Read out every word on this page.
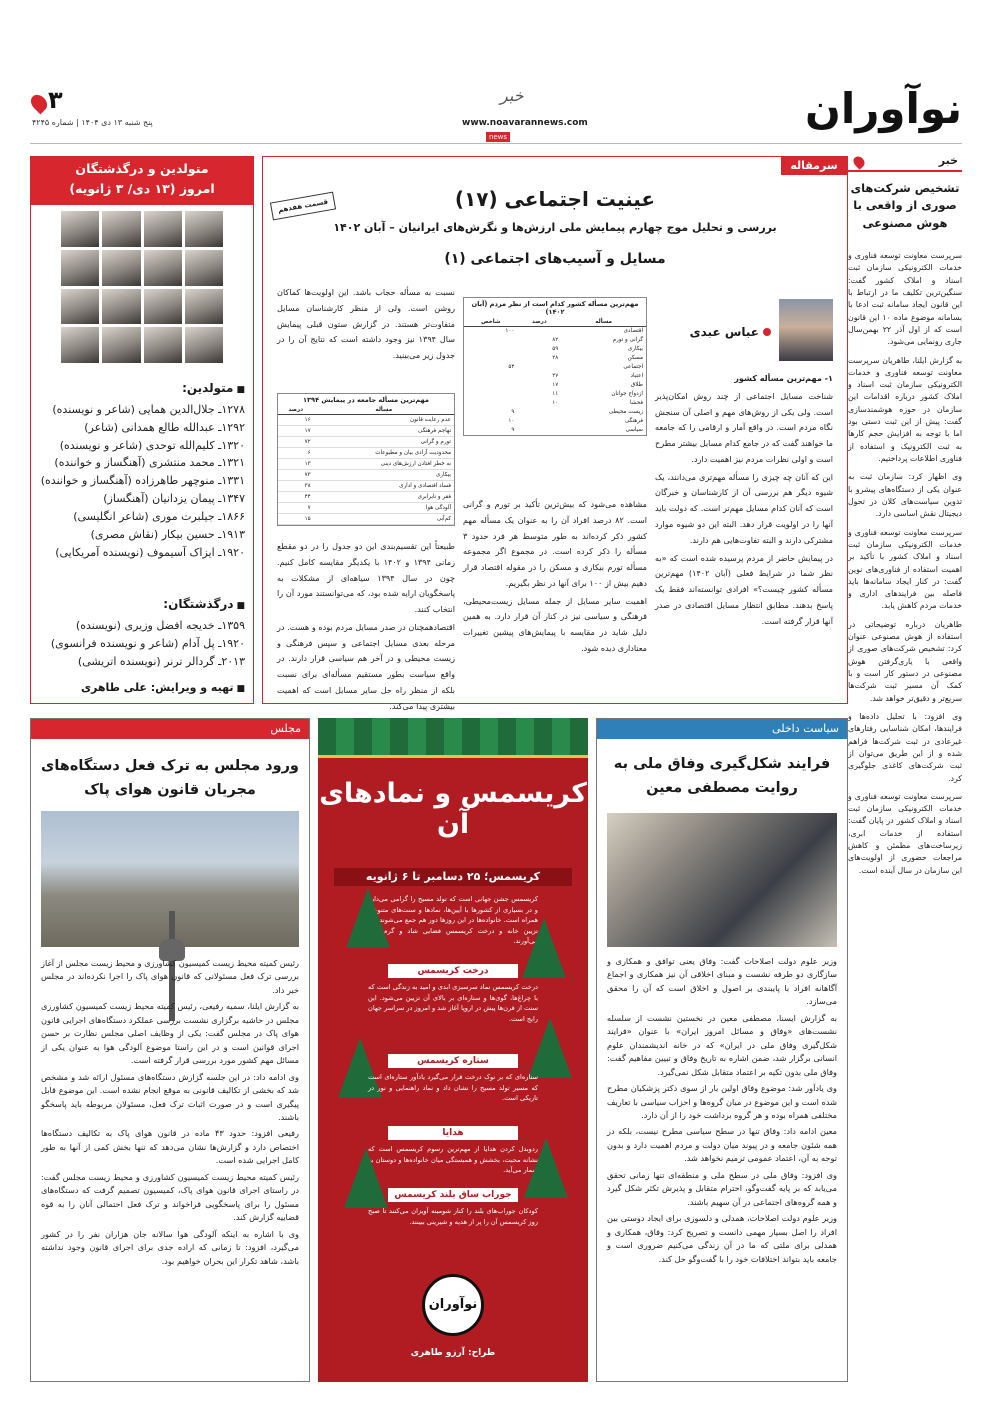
نوآوران
۳
پنج شنبه ۱۳ دی ۱۴۰۴ | شماره ۴۲۴۵
خبر
www.noavarannews.com
news
خبر
تشخیص شرکت‌های صوری از واقعی با هوش مصنوعی

سرپرست معاونت توسعه فناوری و خدمات الکترونیکی سازمان ثبت اسناد و املاک کشور گفت: سنگین‌ترین تکلیف ما در ارتباط با این قانون ایجاد سامانه ثبت ادعا با بسامانه موضوع ماده ۱۰ این قانون است که از اول آذر ۲۲ بهمن‌سال جاری رونمایی می‌شود.

به گزارش ایلنا، طاهریان سرپرست معاونت توسعه فناوری و خدمات الکترونیکی سازمان ثبت اسناد و املاک کشور درباره اقدامات این سازمان در حوزه هوشمندسازی گفت: پیش از این ثبت دستی بود اما با توجه به افزایش حجم کارها به ثبت الکترونیک و استفاده از فناوری اطلاعات پرداختیم.

وی اظهار کرد: سازمان ثبت به عنوان یکی از دستگاه‌های پیشرو با تدوین سیاست‌های کلان در تحول دیجیتال نقش اساسی دارد.

سرپرست معاونت توسعه فناوری و خدمات الکترونیکی سازمان ثبت اسناد و املاک کشور با تأکید بر اهمیت استفاده از فناوری‌های نوین گفت: در کنار ایجاد سامانه‌ها باید فاصله بین فرایندهای اداری و خدمات مردم کاهش یابد.

طاهریان درباره توضیحاتی در استفاده از هوش مصنوعی عنوان کرد: تشخیص شرکت‌های صوری از واقعی با یاری‌گرفتن هوش مصنوعی در دستور کار است و با کمک آن مسیر ثبت شرکت‌ها سریع‌تر و دقیق‌تر خواهد شد.

وی افزود: با تحلیل داده‌ها و فرایندها، امکان شناسایی رفتارهای غیرعادی در ثبت شرکت‌ها فراهم شده و از این طریق می‌توان از ثبت شرکت‌های کاغذی جلوگیری کرد.

سرپرست معاونت توسعه فناوری و خدمات الکترونیکی سازمان ثبت اسناد و املاک کشور در پایان گفت: استفاده از خدمات ابری، زیرساخت‌های مطمئن و کاهش مراجعات حضوری از اولویت‌های این سازمان در سال آینده است.

سرمقاله
عینیت اجتماعی (۱۷)
قسمت هفدهم
بررسی و تحلیل موج چهارم پیمایش ملی ارزش‌ها و نگرش‌های ایرانیان – آبان ۱۴۰۲
مسایل و آسیب‌های اجتماعی (۱)
عباس عبدی

۱- مهم‌ترین مسأله کشور

شناخت مسایل اجتماعی از چند روش امکان‌پذیر است. ولی یکی از روش‌های مهم و اصلی آن سنجش نگاه مردم است. در واقع آمار و ارقامی را که جامعه ما خواهند گفت که در جامع کدام مسایل بیشتر مطرح است و اولی نظرات مردم نیز اهمیت دارد.

این که آنان چه چیزی را مسأله مهم‌تری می‌دانند، یک شیوه دیگر هم بررسی آن از کارشناسان و خبرگان است که آنان کدام مسایل مهم‌تر است. که دولت باید آنها را در اولویت قرار دهد. البته این دو شیوه موارد مشترکی دارند و البته تفاوت‌هایی هم دارند.

در پیمایش حاضر از مردم پرسیده شده است که «به نظر شما در شرایط فعلی (آبان ۱۴۰۲) مهم‌ترین مسأله کشور چیست؟» افرادی توانسته‌اند فقط یک پاسخ بدهند. مطابق انتظار مسایل اقتصادی در صدر آنها قرار گرفته است.

مهم‌ترین مسأله کشور کدام است از نظر مردم (آبان ۱۴۰۲)
مسأله	درصد	شاخص
اقتصادی		۱۰۰
گرانی و تورم	۸۲	
بیکاری	۵۹	
مسکن	۲۸	
اجتماعی		۵۴
اعتیاد	۲۷	
طلاق	۱۷	
ازدواج جوانان	۱۱	
فحشا	۱۰	
زیست محیطی		۹
فرهنگی		۱۰
سیاسی		۹

مشاهده می‌شود که بیش‌ترین تأکید بر تورم و گرانی است. ۸۲ درصد افراد آن را به عنوان یک مسأله مهم کشور ذکر کرده‌اند به طور متوسط هر فرد حدود ۳ مسأله را ذکر کرده است. در مجموع اگر مجموعه مسأله تورم بیکاری و مسکن را در مقوله اقتصاد قرار دهیم بیش از ۱۰۰ برای آنها در نظر بگیریم.

اهمیت سایر مسایل از جمله مسایل زیست‌محیطی، فرهنگی و سیاسی نیز در کنار آن قرار دارد. به همین دلیل شاید در مقایسه با پیمایش‌های پیشین تغییرات معناداری دیده شود.

نسبت به مسأله حجاب باشد. این اولویت‌ها کماکان روشن است. ولی از منظر کارشناسان مسایل متفاوت‌تر هستند. در گزارش ستون قبلی پیمایش سال ۱۳۹۴ نیز وجود داشته است که نتایج آن را در جدول زیر می‌بینید.

مهم‌ترین مسأله جامعه در پیمایش ۱۳۹۴
مسأله	درصد
عدم رعایت قانون	۱۶
تهاجم فرهنگی	۱۷
تورم و گرانی	۷۲
محدودیت آزادی بیان و مطبوعات	۶
به خطر افتادن ارزش‌های دینی	۱۳
بیکاری	۷۳
فساد اقتصادی و اداری	۳۸
فقر و نابرابری	۴۴
آلودگی هوا	۷
کم‌آبی	۱۵

طبیعتاً این تقسیم‌بندی این دو جدول را در دو مقطع زمانی ۱۳۹۴ و ۱۴۰۲ با یکدیگر مقایسه کامل کنیم. چون در سال ۱۳۹۴ سیاهه‌ای از مشکلات به پاسخگویان ارایه شده بود، که می‌توانستند مورد آن را انتخاب کنند.

اقتصادهمچنان در صدر مسایل مردم بوده و هست. در مرحله بعدی مسایل اجتماعی و سپس فرهنگی و زیست محیطی و در آخر هم سیاسی قرار دارند. در واقع سیاست بطور مستقیم مسأله‌ای برای نسبت بلکه از منظر راه حل سایر مسایل است که اهمیت بیشتری پیدا می‌کند.

متولدین و درگذشتگان
امروز (۱۳ دی/ ۳ ژانویه)
■ متولدین:
۱۲۷۸ـ جلال‌الدین همایی (شاعر و نویسنده)
۱۲۹۲ـ عبدالله طالع همدانی (شاعر)
۱۳۲۰ـ کلیم‌الله توحدی (شاعر و نویسنده)
۱۳۲۱ـ محمد منتشری (آهنگساز و خواننده)
۱۳۳۱ـ منوچهر طاهرزاده (آهنگساز و خواننده)
۱۳۴۷ـ پیمان یزدانیان (آهنگساز)
۱۸۶۶ـ جیلبرت موری (شاعر انگلیسی)
۱۹۱۳ـ حسین بیکار (نقاش مصری)
۱۹۲۰ـ ایزاک آسیموف (نویسنده آمریکایی)
■ درگذشتگان:
۱۳۵۹ـ خدیجه افضل وزیری (نویسنده)
۱۹۲۰ـ پل آدام (شاعر و نویسنده فرانسوی)
۲۰۱۳ـ گردالر ترنر (نویسنده اتریشی)
■ تهیه و ویرایش: علی طاهری
سیاست داخلی
فرایند شکل‌گیری وفاق ملی به روایت مصطفی معین

وزیر علوم دولت اصلاحات گفت: وفاق یعنی توافق و همکاری و سازگاری دو طرفه نشست و مبنای اخلاقی آن نیز همکاری و اجماع آگاهانه افراد با پایبندی بر اصول و اخلاق است که آن را محقق می‌سازد.

به گزارش ایسنا، مصطفی معین در نخستین نشست از سلسله نشست‌های «وفاق و مسائل امروز ایران» با عنوان «فرایند شکل‌گیری وفاق ملی در ایران» که در خانه اندیشمندان علوم انسانی برگزار شد، ضمن اشاره به تاریخ وفاق و تبیین مفاهیم گفت: وفاق ملی بدون تکیه بر اعتماد متقابل شکل نمی‌گیرد.

وی یادآور شد: موضوع وفاق اولین بار از سوی دکتر پزشکیان مطرح شده است و این موضوع در میان گروه‌ها و احزاب سیاسی با تعاریف مختلفی همراه بوده و هر گروه برداشت خود را از آن دارد.

معین ادامه داد: وفاق تنها در سطح سیاسی مطرح نیست، بلکه در همه شئون جامعه و در پیوند میان دولت و مردم اهمیت دارد و بدون توجه به آن، اعتماد عمومی ترمیم نخواهد شد.

وی افزود: وفاق ملی در سطح ملی و منطقه‌ای تنها زمانی تحقق می‌یابد که بر پایه گفت‌وگو، احترام متقابل و پذیرش تکثر شکل گیرد و همه گروه‌های اجتماعی در آن سهیم باشند.

وزیر علوم دولت اصلاحات، همدلی و دلسوزی برای ایجاد دوستی بین افراد را اصل بسیار مهمی دانست و تصریح کرد: وفاق، همکاری و همدلی برای ملتی که ما در آن زندگی می‌کنیم ضروری است و جامعه باید بتواند اختلافات خود را با گفت‌وگو حل کند.

کریسمس و نمادهای آن
کریسمس؛ ۲۵ دسامبر تا ۶ ژانویه

کریسمس جشن جهانی است که تولد مسیح را گرامی می‌دارد و در بسیاری از کشورها با آیین‌ها، نمادها و سنت‌های متنوعی همراه است. خانواده‌ها در این روزها دور هم جمع می‌شوند و با تزیین خانه و درخت کریسمس فضایی شاد و گرم پدید می‌آورند.

درخت کریسمس

درخت کریسمس نماد سرسبزی ابدی و امید به زندگی است که با چراغ‌ها، گوی‌ها و ستاره‌ای بر بالای آن تزیین می‌شود. این سنت از قرن‌ها پیش در اروپا آغاز شد و امروز در سراسر جهان رایج است.

ستاره کریسمس

ستاره‌ای که بر نوک درخت قرار می‌گیرد یادآور ستاره‌ای است که مسیر تولد مسیح را نشان داد و نماد راهنمایی و نور در تاریکی است.

هدایا

ردوبدل کردن هدایا از مهم‌ترین رسوم کریسمس است که نشانه محبت، بخشش و همبستگی میان خانواده‌ها و دوستان به شمار می‌آید.

جوراب ساق بلند کریسمس

کودکان جوراب‌های بلند را کنار شومینه آویزان می‌کنند تا صبح روز کریسمس آن را پر از هدیه و شیرینی ببینند.

نوآوران
طراح: آرزو طاهری
مجلس
ورود مجلس به ترک فعل دستگاه‌های مجریان قانون هوای پاک

رئیس کمیته محیط زیست کمیسیون کشاورزی و محیط زیست مجلس از آغاز بررسی ترک فعل مسئولانی که قانون هوای پاک را اجرا نکرده‌اند در مجلس خبر داد.

به گزارش ایلنا، سمیه رفیعی، رئیس کمیته محیط زیست کمیسیون کشاورزی مجلس در حاشیه برگزاری نشست بررسی عملکرد دستگاه‌های اجرایی قانون هوای پاک در مجلس گفت: یکی از وظایف اصلی مجلس نظارت بر حسن اجرای قوانین است و در این راستا موضوع آلودگی هوا به عنوان یکی از مسائل مهم کشور مورد بررسی قرار گرفته است.

وی ادامه داد: در این جلسه گزارش دستگاه‌های مسئول ارائه شد و مشخص شد که بخشی از تکالیف قانونی به موقع انجام نشده است. این موضوع قابل پیگیری است و در صورت اثبات ترک فعل، مسئولان مربوطه باید پاسخگو باشند.

رفیعی افزود: حدود ۴۳ ماده در قانون هوای پاک به تکالیف دستگاه‌ها اختصاص دارد و گزارش‌ها نشان می‌دهد که تنها بخش کمی از آنها به طور کامل اجرایی شده است.

رئیس کمیته محیط زیست کمیسیون کشاورزی و محیط زیست مجلس گفت: در راستای اجرای قانون هوای پاک، کمیسیون تصمیم گرفت که دستگاه‌های مسئول را برای پاسخگویی فراخواند و ترک فعل احتمالی آنان را به قوه قضاییه گزارش کند.

وی با اشاره به اینکه آلودگی هوا سالانه جان هزاران نفر را در کشور می‌گیرد، افزود: تا زمانی که اراده جدی برای اجرای قانون وجود نداشته باشد، شاهد تکرار این بحران خواهیم بود.
